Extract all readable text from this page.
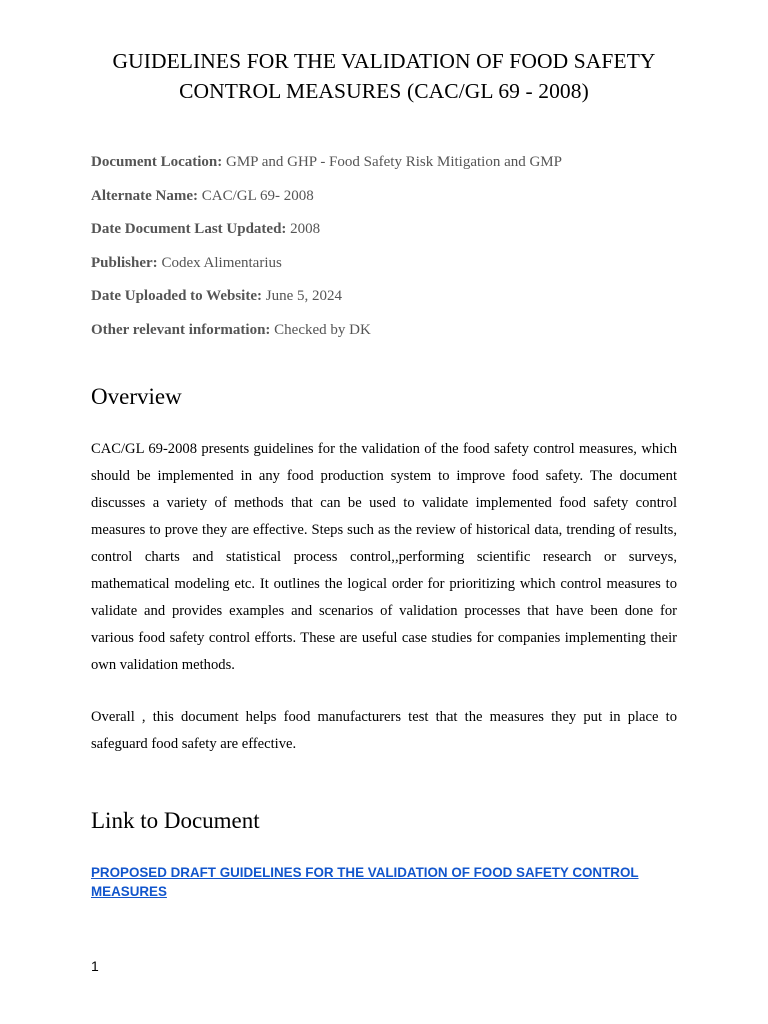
GUIDELINES FOR THE VALIDATION OF FOOD SAFETY CONTROL MEASURES (CAC/GL 69 - 2008)
Document Location: GMP and GHP - Food Safety Risk Mitigation and GMP
Alternate Name: CAC/GL 69- 2008
Date Document Last Updated: 2008
Publisher: Codex Alimentarius
Date Uploaded to Website: June 5, 2024
Other relevant information: Checked by DK
Overview
CAC/GL 69-2008 presents guidelines for the validation of the food safety control measures, which should be implemented in any food production system to improve food safety. The document discusses a variety of methods that can be used to validate implemented food safety control measures to prove they are effective. Steps such as the review of historical data, trending of results, control charts and statistical process control,,performing scientific research or surveys, mathematical modeling etc. It outlines the logical order for prioritizing which control measures to validate and provides examples and scenarios of validation processes that have been done for various food safety control efforts. These are useful case studies for companies implementing their own validation methods.
Overall , this document helps food manufacturers test that the measures they put in place to safeguard food safety are effective.
Link to Document
PROPOSED DRAFT GUIDELINES FOR THE VALIDATION OF FOOD SAFETY CONTROL MEASURES
1
